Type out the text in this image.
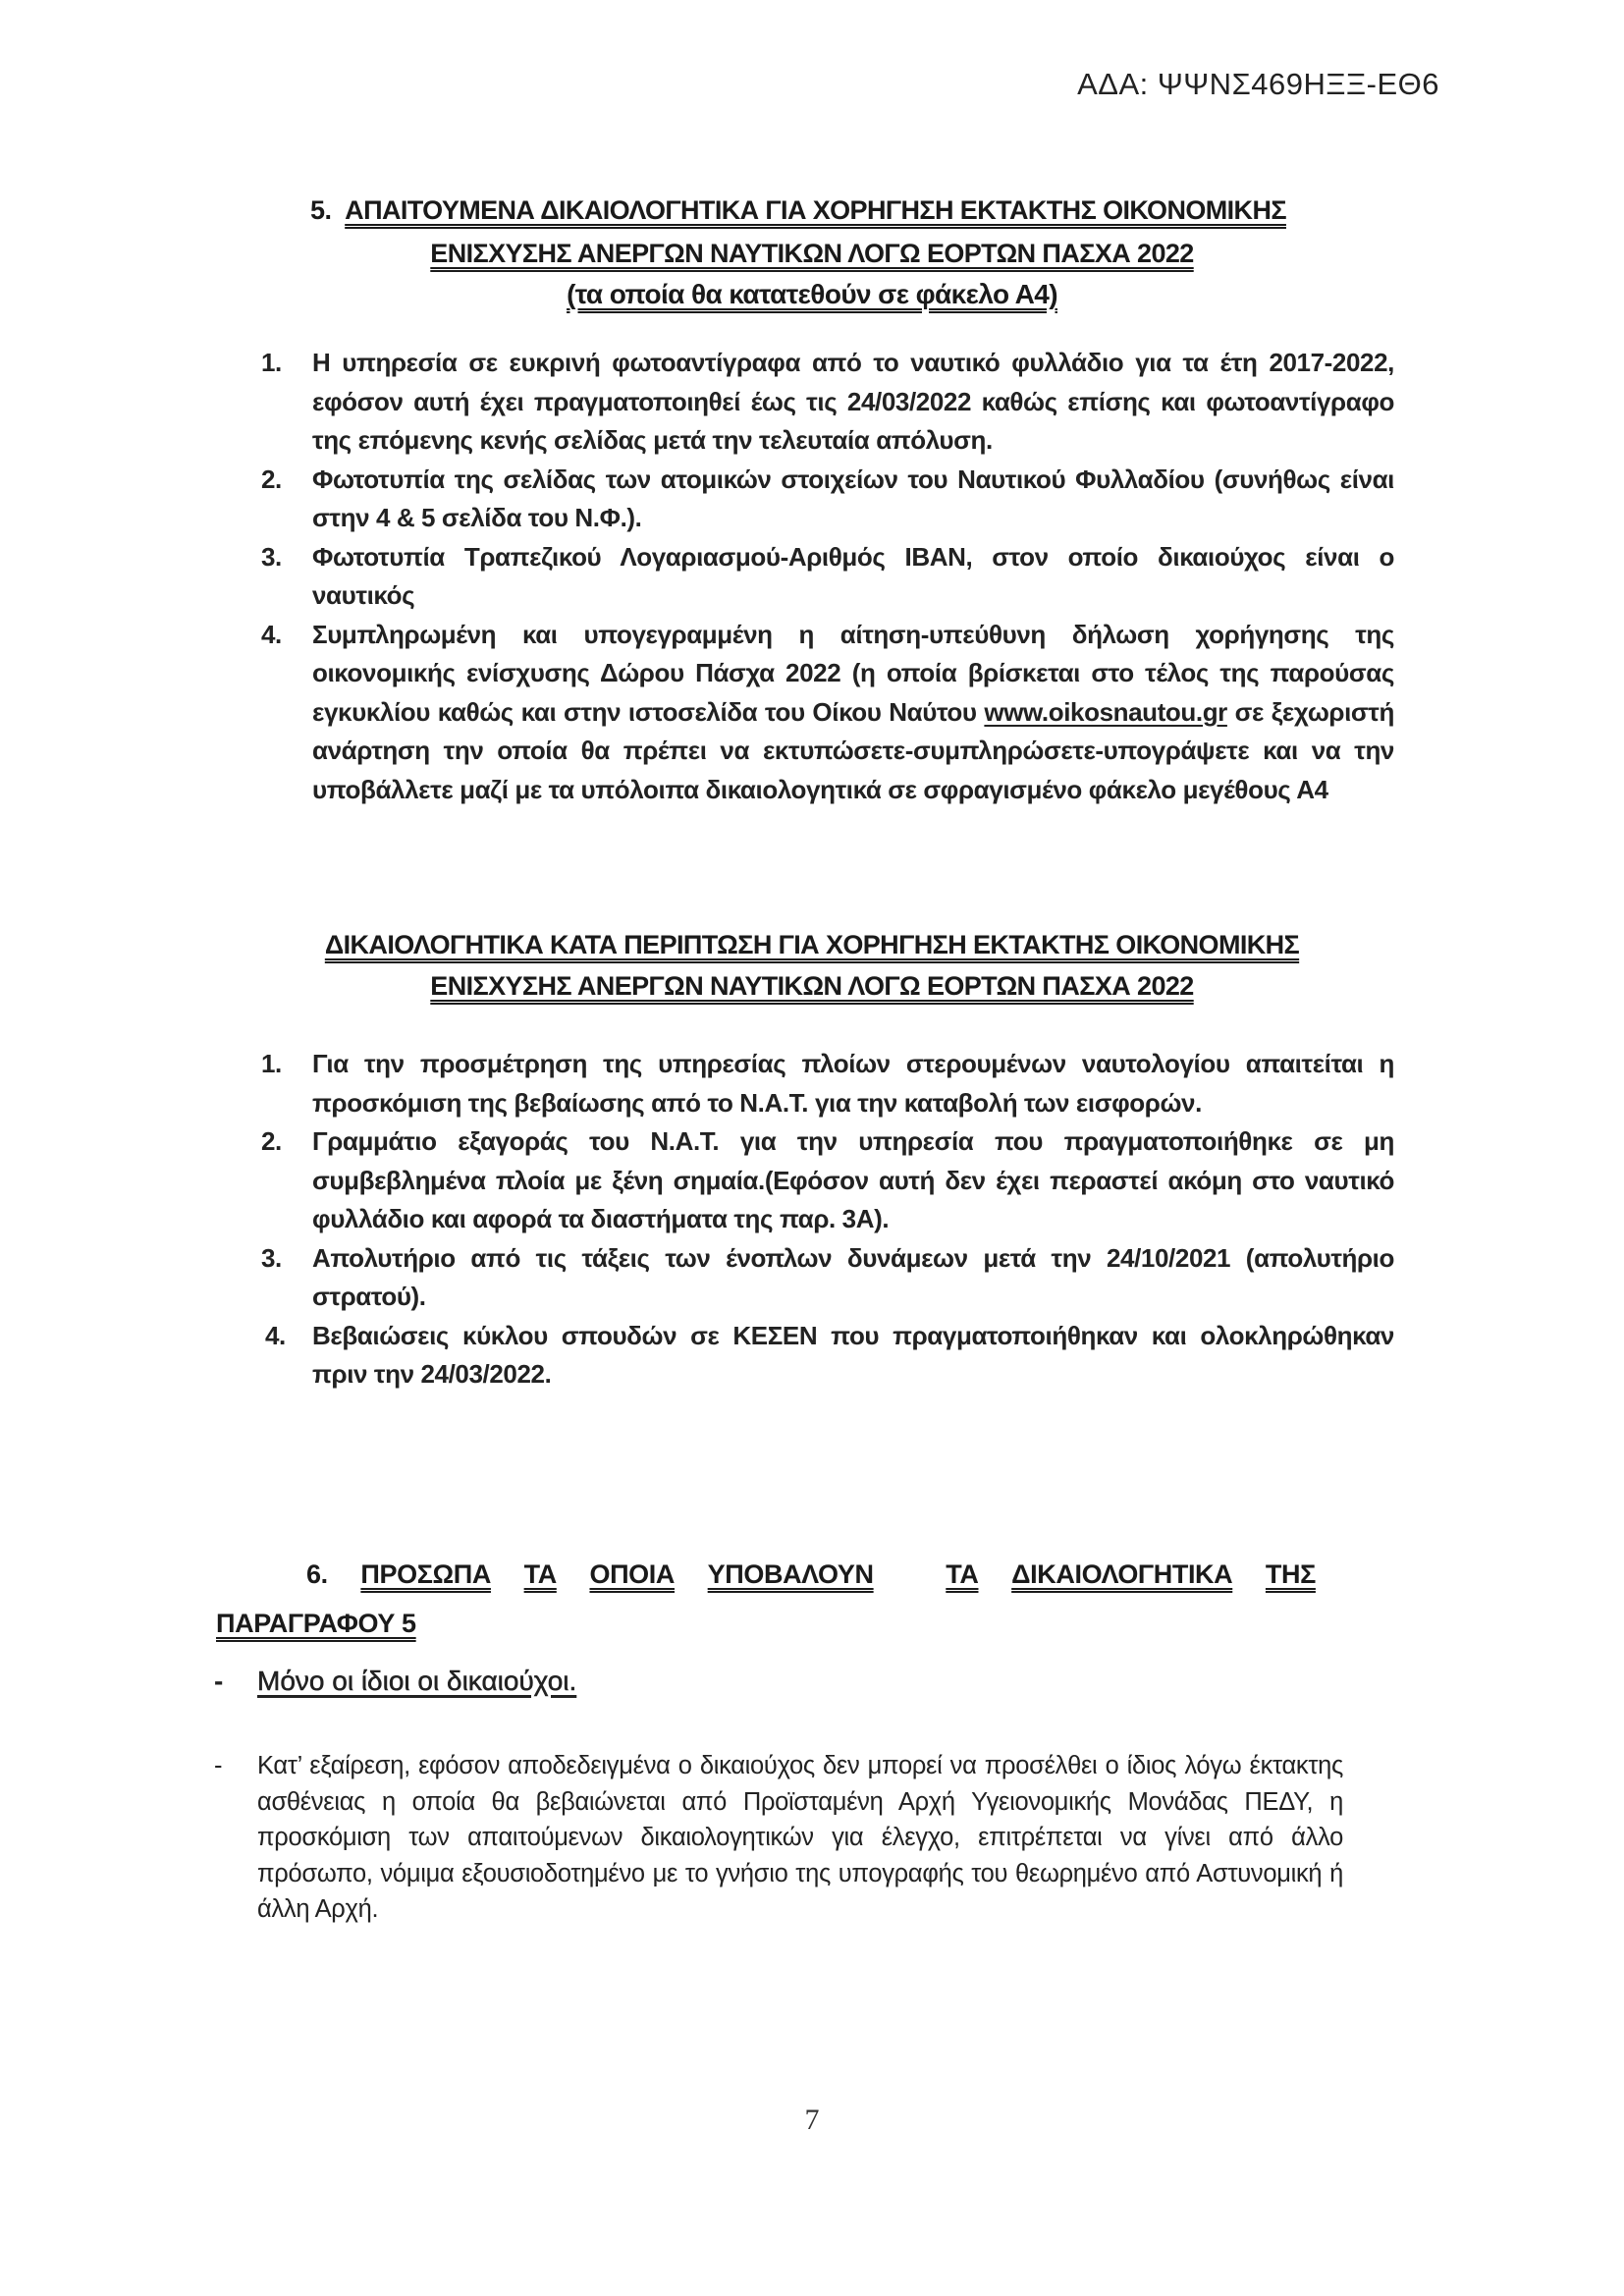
ΑΔΑ: ΨΨΝΣ469ΗΞΞ-ΕΘ6
5. ΑΠΑΙΤΟΥΜΕΝΑ ΔΙΚΑΙΟΛΟΓΗΤΙΚΑ ΓΙΑ ΧΟΡΗΓΗΣΗ ΕΚΤΑΚΤΗΣ ΟΙΚΟΝΟΜΙΚΗΣ
ΕΝΙΣΧΥΣΗΣ ΑΝΕΡΓΩΝ ΝΑΥΤΙΚΩΝ ΛΟΓΩ ΕΟΡΤΩΝ ΠΑΣΧΑ 2022
(τα οποία θα κατατεθούν σε φάκελο Α4)
1. Η υπηρεσία σε ευκρινή φωτοαντίγραφα από το ναυτικό φυλλάδιο για τα έτη 2017-2022, εφόσον αυτή έχει πραγματοποιηθεί έως τις 24/03/2022 καθώς επίσης και φωτοαντίγραφο της επόμενης κενής σελίδας μετά την τελευταία απόλυση.
2. Φωτοτυπία της σελίδας των ατομικών στοιχείων του Ναυτικού Φυλλαδίου (συνήθως είναι στην 4 & 5 σελίδα του Ν.Φ.).
3. Φωτοτυπία Τραπεζικού Λογαριασμού-Αριθμός ΙΒΑΝ, στον οποίο δικαιούχος είναι ο ναυτικός
4. Συμπληρωμένη και υπογεγραμμένη η αίτηση-υπεύθυνη δήλωση χορήγησης της οικονομικής ενίσχυσης Δώρου Πάσχα 2022 (η οποία βρίσκεται στο τέλος της παρούσας εγκυκλίου καθώς και στην ιστοσελίδα του Οίκου Ναύτου www.oikosnautou.gr σε ξεχωριστή ανάρτηση την οποία θα πρέπει να εκτυπώσετε-συμπληρώσετε-υπογράψετε και να την υποβάλλετε μαζί με τα υπόλοιπα δικαιολογητικά σε σφραγισμένο φάκελο μεγέθους Α4
ΔΙΚΑΙΟΛΟΓΗΤΙΚΑ ΚΑΤΑ ΠΕΡΙΠΤΩΣΗ ΓΙΑ ΧΟΡΗΓΗΣΗ ΕΚΤΑΚΤΗΣ ΟΙΚΟΝΟΜΙΚΗΣ
ΕΝΙΣΧΥΣΗΣ ΑΝΕΡΓΩΝ ΝΑΥΤΙΚΩΝ ΛΟΓΩ ΕΟΡΤΩΝ ΠΑΣΧΑ 2022
1. Για την προσμέτρηση της υπηρεσίας πλοίων στερουμένων ναυτολογίου απαιτείται η προσκόμιση της βεβαίωσης από το Ν.Α.Τ. για την καταβολή των εισφορών.
2. Γραμμάτιο εξαγοράς του Ν.Α.Τ. για την υπηρεσία που πραγματοποιήθηκε σε μη συμβεβλημένα πλοία με ξένη σημαία.(Εφόσον αυτή δεν έχει περαστεί ακόμη στο ναυτικό φυλλάδιο και αφορά τα διαστήματα της παρ. 3Α).
3. Απολυτήριο από τις τάξεις των ένοπλων δυνάμεων μετά την 24/10/2021 (απολυτήριο στρατού).
4. Βεβαιώσεις κύκλου σπουδών σε ΚΕΣΕΝ που πραγματοποιήθηκαν και ολοκληρώθηκαν πριν την 24/03/2022.
6. ΠΡΟΣΩΠΑ ΤΑ ΟΠΟΙΑ ΥΠΟΒΑΛΟΥΝ	ΤΑ ΔΙΚΑΙΟΛΟΓΗΤΙΚΑ ΤΗΣ
ΠΑΡΑΓΡΑΦΟΥ 5
- Μόνο οι ίδιοι οι δικαιούχοι.
-	Κατ’ εξαίρεση, εφόσον αποδεδειγμένα ο δικαιούχος δεν μπορεί να προσέλθει ο ίδιος λόγω έκτακτης ασθένειας η οποία θα βεβαιώνεται από Προϊσταμένη Αρχή Υγειονομικής Μονάδας ΠΕΔΥ, η προσκόμιση των απαιτούμενων δικαιολογητικών για έλεγχο, επιτρέπεται να γίνει από άλλο πρόσωπο, νόμιμα εξουσιοδοτημένο με το γνήσιο της υπογραφής του θεωρημένο από Αστυνομική ή άλλη Αρχή.
7
